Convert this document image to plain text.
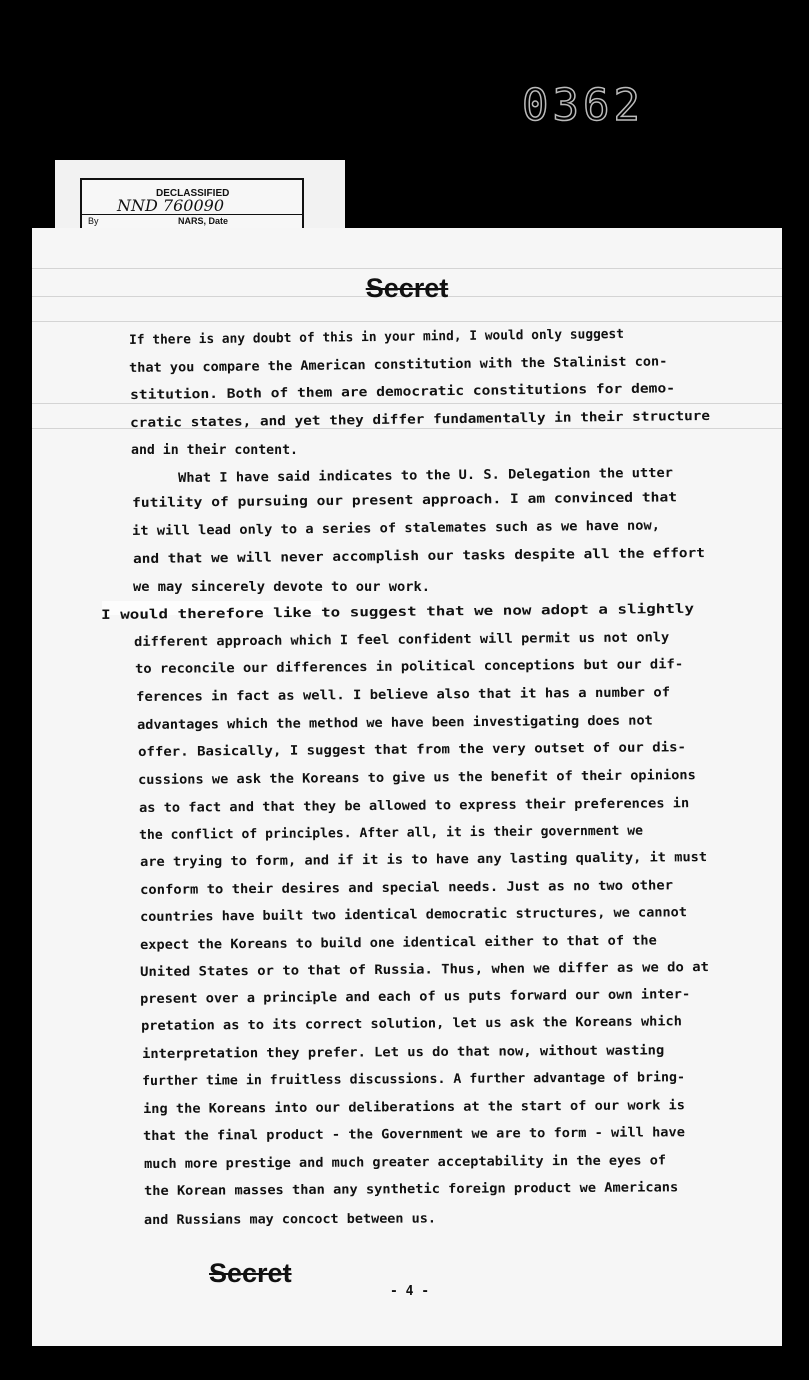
0362
DECLASSIFIED
NND 760090
By	NARS, Date
Secret
Secret
- 4 -
If there is any doubt of this in your mind, I would only suggest
that you compare the American constitution with the Stalinist con-
stitution. Both of them are democratic constitutions for demo-
cratic states, and yet they differ fundamentally in their structure
and in their content.
What I have said indicates to the U. S. Delegation the utter
futility of pursuing our present approach. I am convinced that
it will lead only to a series of stalemates such as we have now,
and that we will never accomplish our tasks despite all the effort
we may sincerely devote to our work.
I would therefore like to suggest that we now adopt a slightly
different approach which I feel confident will permit us not only
to reconcile our differences in political conceptions but our dif-
ferences in fact as well. I believe also that it has a number of
advantages which the method we have been investigating does not
offer. Basically, I suggest that from the very outset of our dis-
cussions we ask the Koreans to give us the benefit of their opinions
as to fact and that they be allowed to express their preferences in
the conflict of principles. After all, it is their government we
are trying to form, and if it is to have any lasting quality, it must
conform to their desires and special needs. Just as no two other
countries have built two identical democratic structures, we cannot
expect the Koreans to build one identical either to that of the
United States or to that of Russia. Thus, when we differ as we do at
present over a principle and each of us puts forward our own inter-
pretation as to its correct solution, let us ask the Koreans which
interpretation they prefer. Let us do that now, without wasting
further time in fruitless discussions. A further advantage of bring-
ing the Koreans into our deliberations at the start of our work is
that the final product - the Government we are to form - will have
much more prestige and much greater acceptability in the eyes of
the Korean masses than any synthetic foreign product we Americans
and Russians may concoct between us.
